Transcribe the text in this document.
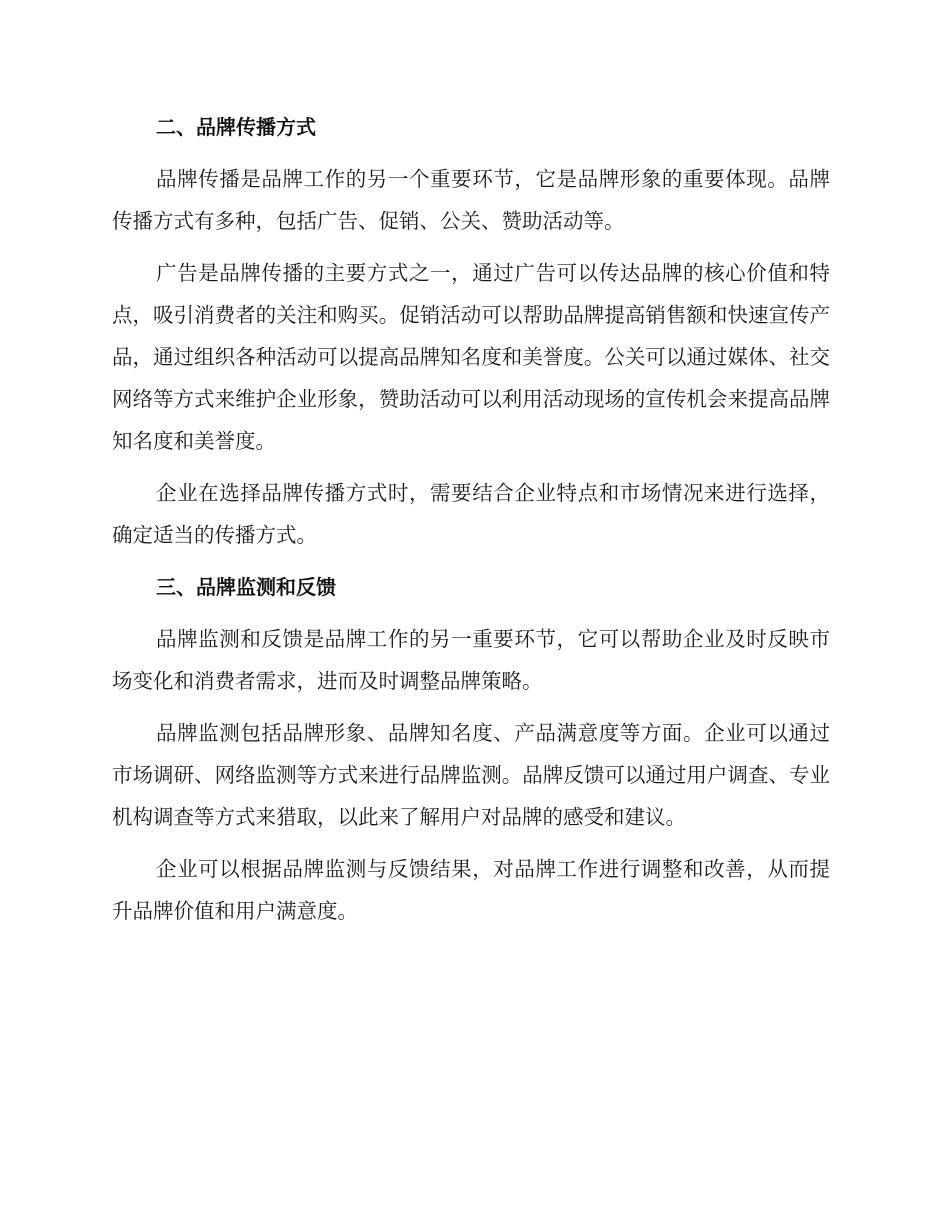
二、品牌传播方式

品牌传播是品牌工作的另一个重要环节，它是品牌形象的重要体现。品牌传播方式有多种，包括广告、促销、公关、赞助活动等。

广告是品牌传播的主要方式之一，通过广告可以传达品牌的核心价值和特点，吸引消费者的关注和购买。促销活动可以帮助品牌提高销售额和快速宣传产品，通过组织各种活动可以提高品牌知名度和美誉度。公关可以通过媒体、社交网络等方式来维护企业形象，赞助活动可以利用活动现场的宣传机会来提高品牌知名度和美誉度。

企业在选择品牌传播方式时，需要结合企业特点和市场情况来进行选择，确定适当的传播方式。

三、品牌监测和反馈

品牌监测和反馈是品牌工作的另一重要环节，它可以帮助企业及时反映市场变化和消费者需求，进而及时调整品牌策略。

品牌监测包括品牌形象、品牌知名度、产品满意度等方面。企业可以通过市场调研、网络监测等方式来进行品牌监测。品牌反馈可以通过用户调查、专业机构调查等方式来猎取，以此来了解用户对品牌的感受和建议。

企业可以根据品牌监测与反馈结果，对品牌工作进行调整和改善，从而提升品牌价值和用户满意度。
